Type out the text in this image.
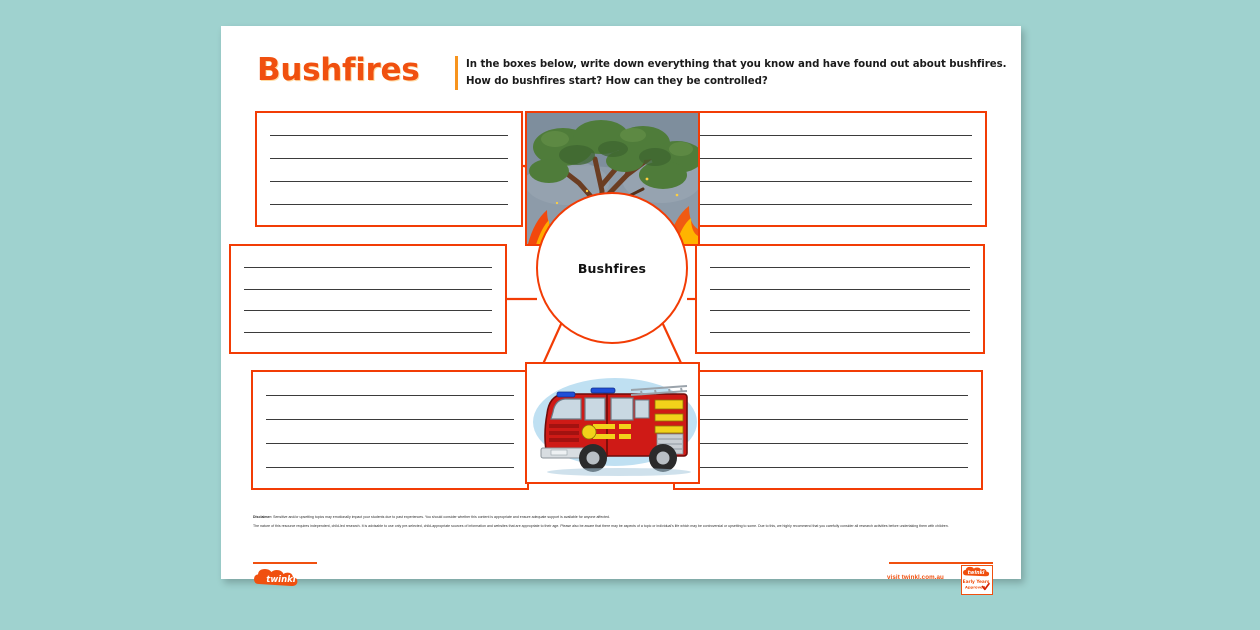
Bushfires	In the boxes below, write down everything that you know and have found out about bushfires.
How do bushfires start? How can they be controlled?
Bushfires
Disclaimer: Sensitive and/or upsetting topics may emotionally impact your students due to past experiences. You should consider whether this content is appropriate and ensure adequate support is available for anyone affected.
The nature of this resource requires independent, child-led research. It is advisable to use only pre-selected, child-appropriate sources of information and websites that are appropriate to their age. Please also be aware that there may be aspects of a topic or individual's life which may be controversial or upsetting to some. Due to this, we highly recommend that you carefully consider all research activities before undertaking them with children.
twinkl	visit twinkl.com.au
twinkl
Early Years
Approved
